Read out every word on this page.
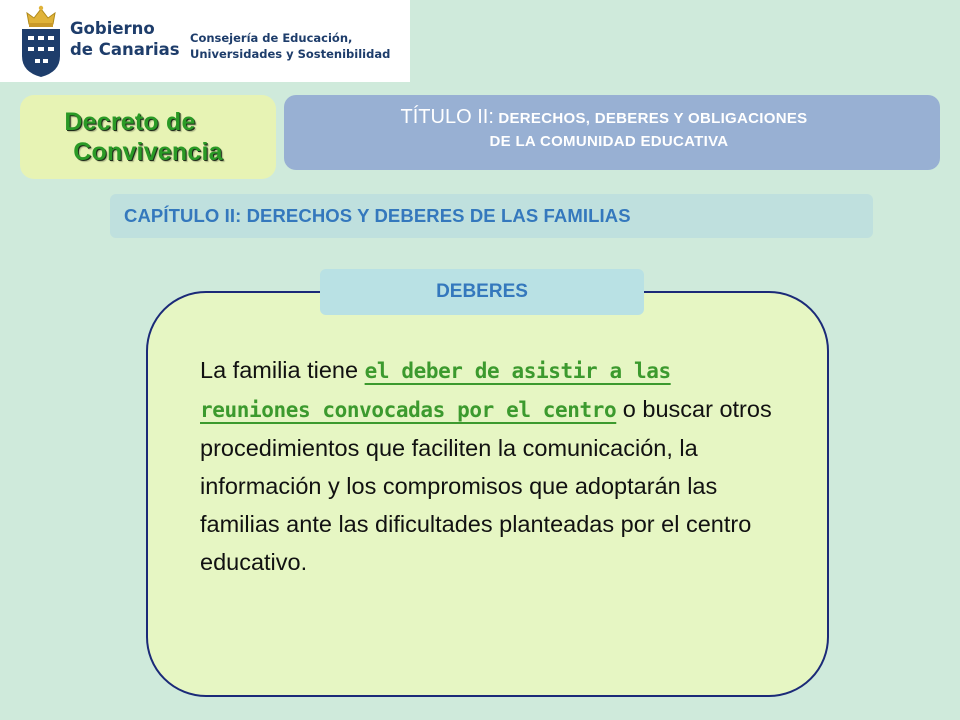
Gobierno
de Canarias
Consejería de Educación,
Universidades y Sostenibilidad
Decreto de
Convivencia
TÍTULO II: DERECHOS, DEBERES Y OBLIGACIONES
DE LA COMUNIDAD EDUCATIVA
CAPÍTULO II: DERECHOS Y DEBERES DE LAS FAMILIAS
DEBERES
La familia tiene el deber de asistir a las reuniones convocadas por el centro o buscar otros procedimientos que faciliten la comunicación, la información y los compromisos que adoptarán las familias ante las dificultades planteadas por el centro educativo.
